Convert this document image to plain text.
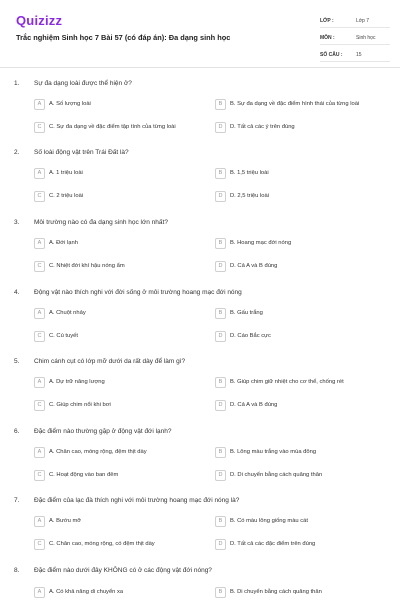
Quizizz
Trắc nghiệm Sinh học 7 Bài 57 (có đáp án): Đa dạng sinh học
LỚP :	Lớp 7
MÔN :	Sinh học
SỐ CÂU :	15
1. Sự đa dạng loài được thể hiện ở?
A	A. Số lượng loài	B	B. Sự đa dạng về đặc điểm hình thái của từng loài
C	C. Sự đa dạng về đặc điểm tập tính của từng loài	D	D. Tất cả các ý trên đúng
2. Số loài động vật trên Trái Đất là?
A	A. 1 triệu loài	B	B. 1,5 triệu loài
C	C. 2 triệu loài	D	D. 2,5 triệu loài
3. Môi trường nào có đa dạng sinh học lớn nhất?
A	A. Đới lạnh	B	B. Hoang mạc đới nóng
C	C. Nhiệt đới khí hậu nóng ẩm	D	D. Cả A và B đúng
4. Động vật nào thích nghi với đời sống ở môi trường hoang mạc đới nóng
A	A. Chuột nhảy	B	B. Gấu trắng
C	C. Cú tuyết	D	D. Cáo Bắc cực
5. Chim cánh cụt có lớp mỡ dưới da rất dày để làm gì?
A	A. Dự trữ năng lượng	B	B. Giúp chim giữ nhiệt cho cơ thể, chống rét
C	C. Giúp chim nổi khi bơi	D	D. Cả A và B đúng
6. Đặc điểm nào thường gặp ở động vật đới lạnh?
A	A. Chân cao, móng rộng, đệm thịt dày	B	B. Lông màu trắng vào mùa đông
C	C. Hoạt động vào ban đêm	D	D. Di chuyển bằng cách quăng thân
7. Đặc điểm của lạc đà thích nghi với môi trường hoang mạc đới nóng là?
A	A. Bướu mỡ	B	B. Có màu lông giống màu cát
C	C. Chân cao, móng rộng, có đệm thịt dày	D	D. Tất cả các đặc điểm trên đúng
8. Đặc điểm nào dưới đây KHÔNG có ở các động vật đới nóng?
A	A. Có khả năng di chuyển xa	B	B. Di chuyển bằng cách quăng thân
